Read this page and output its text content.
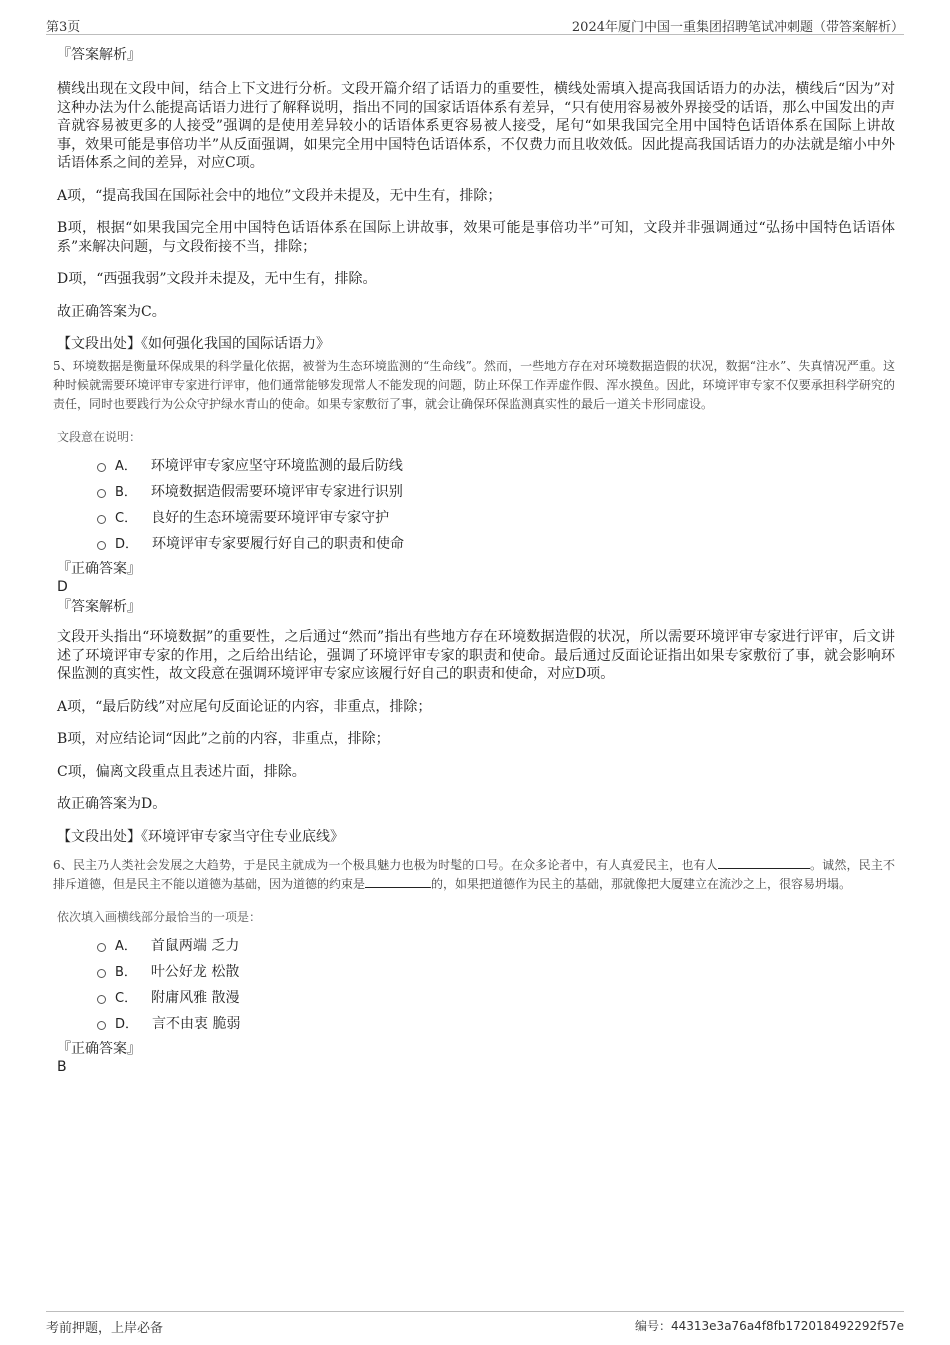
第3页	2024年厦门中国一重集团招聘笔试冲刺题（带答案解析）

『答案解析』

横线出现在文段中间，结合上下文进行分析。文段开篇介绍了话语力的重要性，横线处需填入提高我国话语力的办法，横线后“因为”对这种办法为什么能提高话语力进行了解释说明，指出不同的国家话语体系有差异，“只有使用容易被外界接受的话语，那么中国发出的声音就容易被更多的人接受”强调的是使用差异较小的话语体系更容易被人接受，尾句“如果我国完全用中国特色话语体系在国际上讲故事，效果可能是事倍功半”从反面强调，如果完全用中国特色话语体系，不仅费力而且收效低。因此提高我国话语力的办法就是缩小中外话语体系之间的差异，对应C项。

A项，“提高我国在国际社会中的地位”文段并未提及，无中生有，排除；

B项，根据“如果我国完全用中国特色话语体系在国际上讲故事，效果可能是事倍功半”可知，文段并非强调通过“弘扬中国特色话语体系”来解决问题，与文段衔接不当，排除；

D项，“西强我弱”文段并未提及，无中生有，排除。

故正确答案为C。

【文段出处】《如何强化我国的国际话语力》

5、环境数据是衡量环保成果的科学量化依据，被誉为生态环境监测的“生命线”。然而，一些地方存在对环境数据造假的状况，数据“注水”、失真情况严重。这种时候就需要环境评审专家进行评审，他们通常能够发现常人不能发现的问题，防止环保工作弄虚作假、浑水摸鱼。因此，环境评审专家不仅要承担科学研究的责任，同时也要践行为公众守护绿水青山的使命。如果专家敷衍了事，就会让确保环保监测真实性的最后一道关卡形同虚设。

文段意在说明：

A． 环境评审专家应坚守环境监测的最后防线
B． 环境数据造假需要环境评审专家进行识别
C． 良好的生态环境需要环境评审专家守护
D． 环境评审专家要履行好自己的职责和使命

『正确答案』

D

『答案解析』

文段开头指出“环境数据”的重要性，之后通过“然而”指出有些地方存在环境数据造假的状况，所以需要环境评审专家进行评审，后文讲述了环境评审专家的作用，之后给出结论，强调了环境评审专家的职责和使命。最后通过反面论证指出如果专家敷衍了事，就会影响环保监测的真实性，故文段意在强调环境评审专家应该履行好自己的职责和使命，对应D项。

A项，“最后防线”对应尾句反面论证的内容，非重点，排除；

B项，对应结论词“因此”之前的内容，非重点，排除；

C项，偏离文段重点且表述片面，排除。

故正确答案为D。

【文段出处】《环境评审专家当守住专业底线》

6、民主乃人类社会发展之大趋势，于是民主就成为一个极具魅力也极为时髦的口号。在众多论者中，有人真爱民主，也有人	。诚然，民主不排斥道德，但是民主不能以道德为基础，因为道德的约束是	的，如果把道德作为民主的基础，那就像把大厦建立在流沙之上，很容易坍塌。

依次填入画横线部分最恰当的一项是：

A． 首鼠两端 乏力
B． 叶公好龙 松散
C． 附庸风雅 散漫
D． 言不由衷 脆弱

『正确答案』

B

考前押题，上岸必备	编号：44313e3a76a4f8fb172018492292f57e
